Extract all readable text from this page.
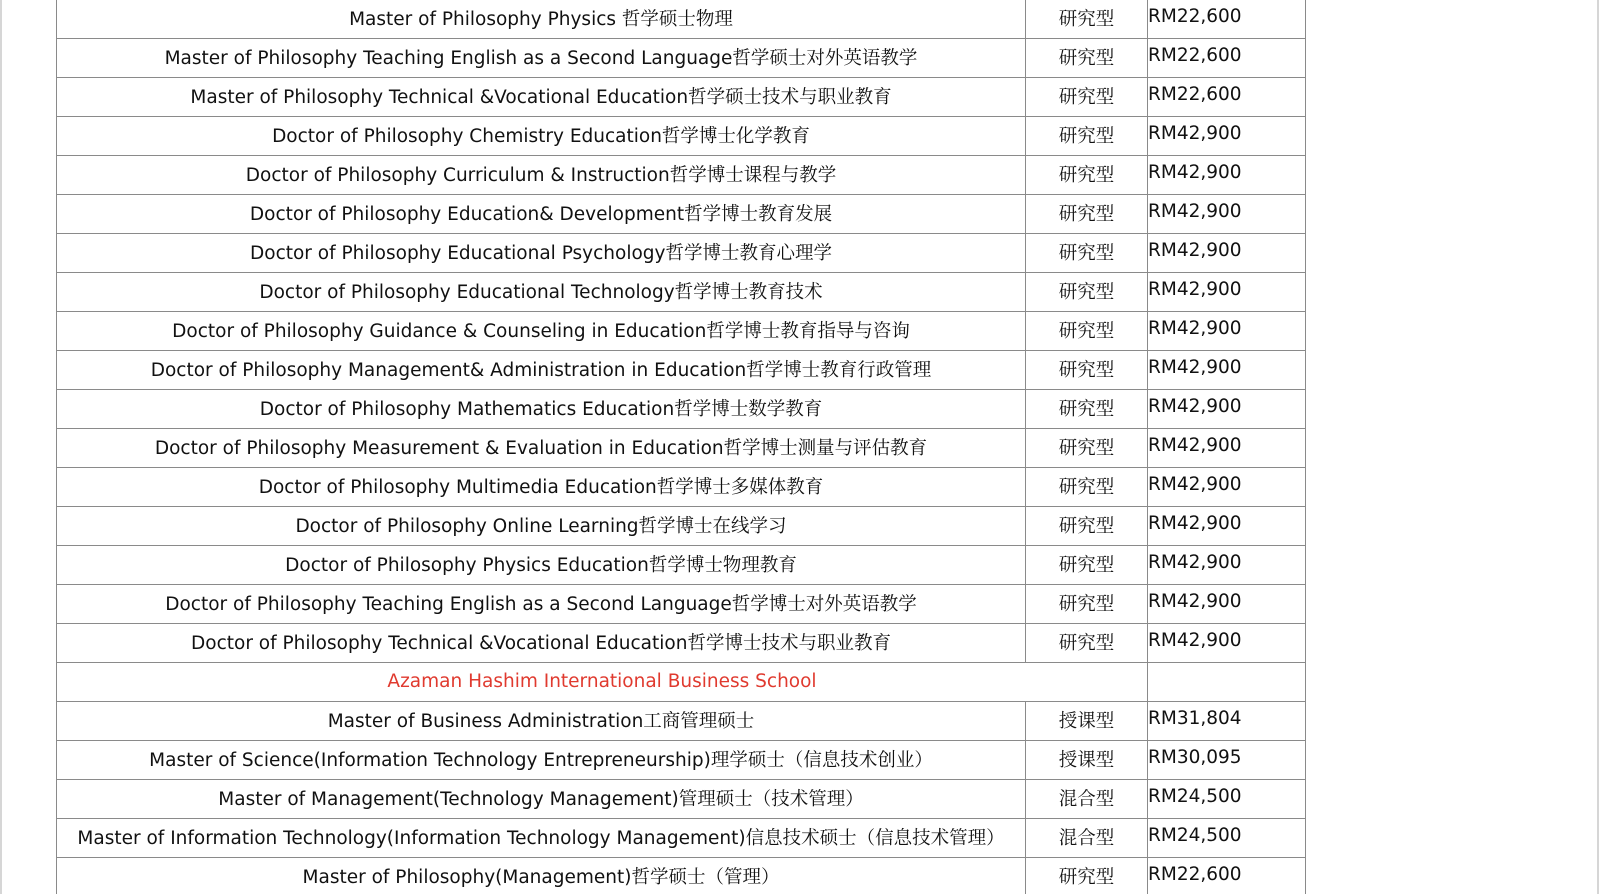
Master of Philosophy Physics 哲学硕士物理	研究型	RM22,600
Master of Philosophy Teaching English as a Second Language哲学硕士对外英语教学	研究型	RM22,600
Master of Philosophy Technical &Vocational Education哲学硕士技术与职业教育	研究型	RM22,600
Doctor of Philosophy Chemistry Education哲学博士化学教育	研究型	RM42,900
Doctor of Philosophy Curriculum & Instruction哲学博士课程与教学	研究型	RM42,900
Doctor of Philosophy Education& Development哲学博士教育发展	研究型	RM42,900
Doctor of Philosophy Educational Psychology哲学博士教育心理学	研究型	RM42,900
Doctor of Philosophy Educational Technology哲学博士教育技术	研究型	RM42,900
Doctor of Philosophy Guidance & Counseling in Education哲学博士教育指导与咨询	研究型	RM42,900
Doctor of Philosophy Management& Administration in Education哲学博士教育行政管理	研究型	RM42,900
Doctor of Philosophy Mathematics Education哲学博士数学教育	研究型	RM42,900
Doctor of Philosophy Measurement & Evaluation in Education哲学博士测量与评估教育	研究型	RM42,900
Doctor of Philosophy Multimedia Education哲学博士多媒体教育	研究型	RM42,900
Doctor of Philosophy Online Learning哲学博士在线学习	研究型	RM42,900
Doctor of Philosophy Physics Education哲学博士物理教育	研究型	RM42,900
Doctor of Philosophy Teaching English as a Second Language哲学博士对外英语教学	研究型	RM42,900
Doctor of Philosophy Technical &Vocational Education哲学博士技术与职业教育	研究型	RM42,900
Azaman Hashim International Business School		
Master of Business Administration工商管理硕士	授课型	RM31,804
Master of Science(Information Technology Entrepreneurship)理学硕士（信息技术创业）	授课型	RM30,095
Master of Management(Technology Management)管理硕士（技术管理）	混合型	RM24,500
Master of Information Technology(Information Technology Management)信息技术硕士（信息技术管理）	混合型	RM24,500
Master of Philosophy(Management)哲学硕士（管理）	研究型	RM22,600
